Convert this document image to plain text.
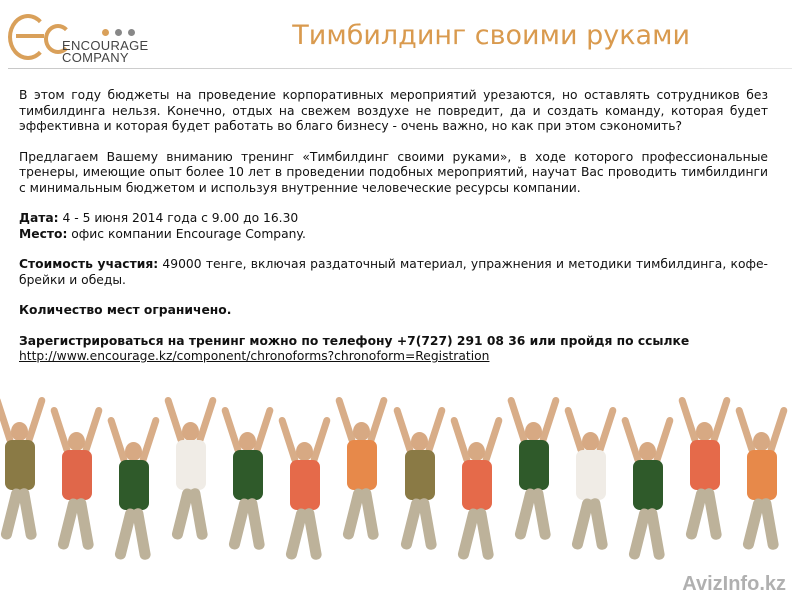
ENCOURAGE
COMPANY
Тимбилдинг своими руками

В этом году бюджеты на проведение корпоративных мероприятий урезаются, но оставлять сотрудников без тимбилдинга нельзя. Конечно, отдых на свежем воздухе не повредит, да и создать команду, которая будет эффективна и которая будет работать во благо бизнесу - очень важно, но как при этом сэкономить?

Предлагаем Вашему вниманию тренинг «Тимбилдинг своими руками», в ходе которого профессиональные тренеры, имеющие опыт более 10 лет в проведении подобных мероприятий, научат Вас проводить тимбилдинги с минимальным бюджетом и используя внутренние человеческие ресурсы компании.

Дата: 4 - 5 июня 2014 года с 9.00 до 16.30

Место: офис компании Encourage Company.

Стоимость участия: 49000 тенге, включая раздаточный материал, упражнения и методики тимбилдинга, кофе-брейки и обеды.

Количество мест ограничено.

Зарегистрироваться на тренинг можно по телефону +7(727) 291 08 36 или пройдя по ссылке

http://www.encourage.kz/component/chronoforms?chronoform=Registration

AvizInfo.kz
